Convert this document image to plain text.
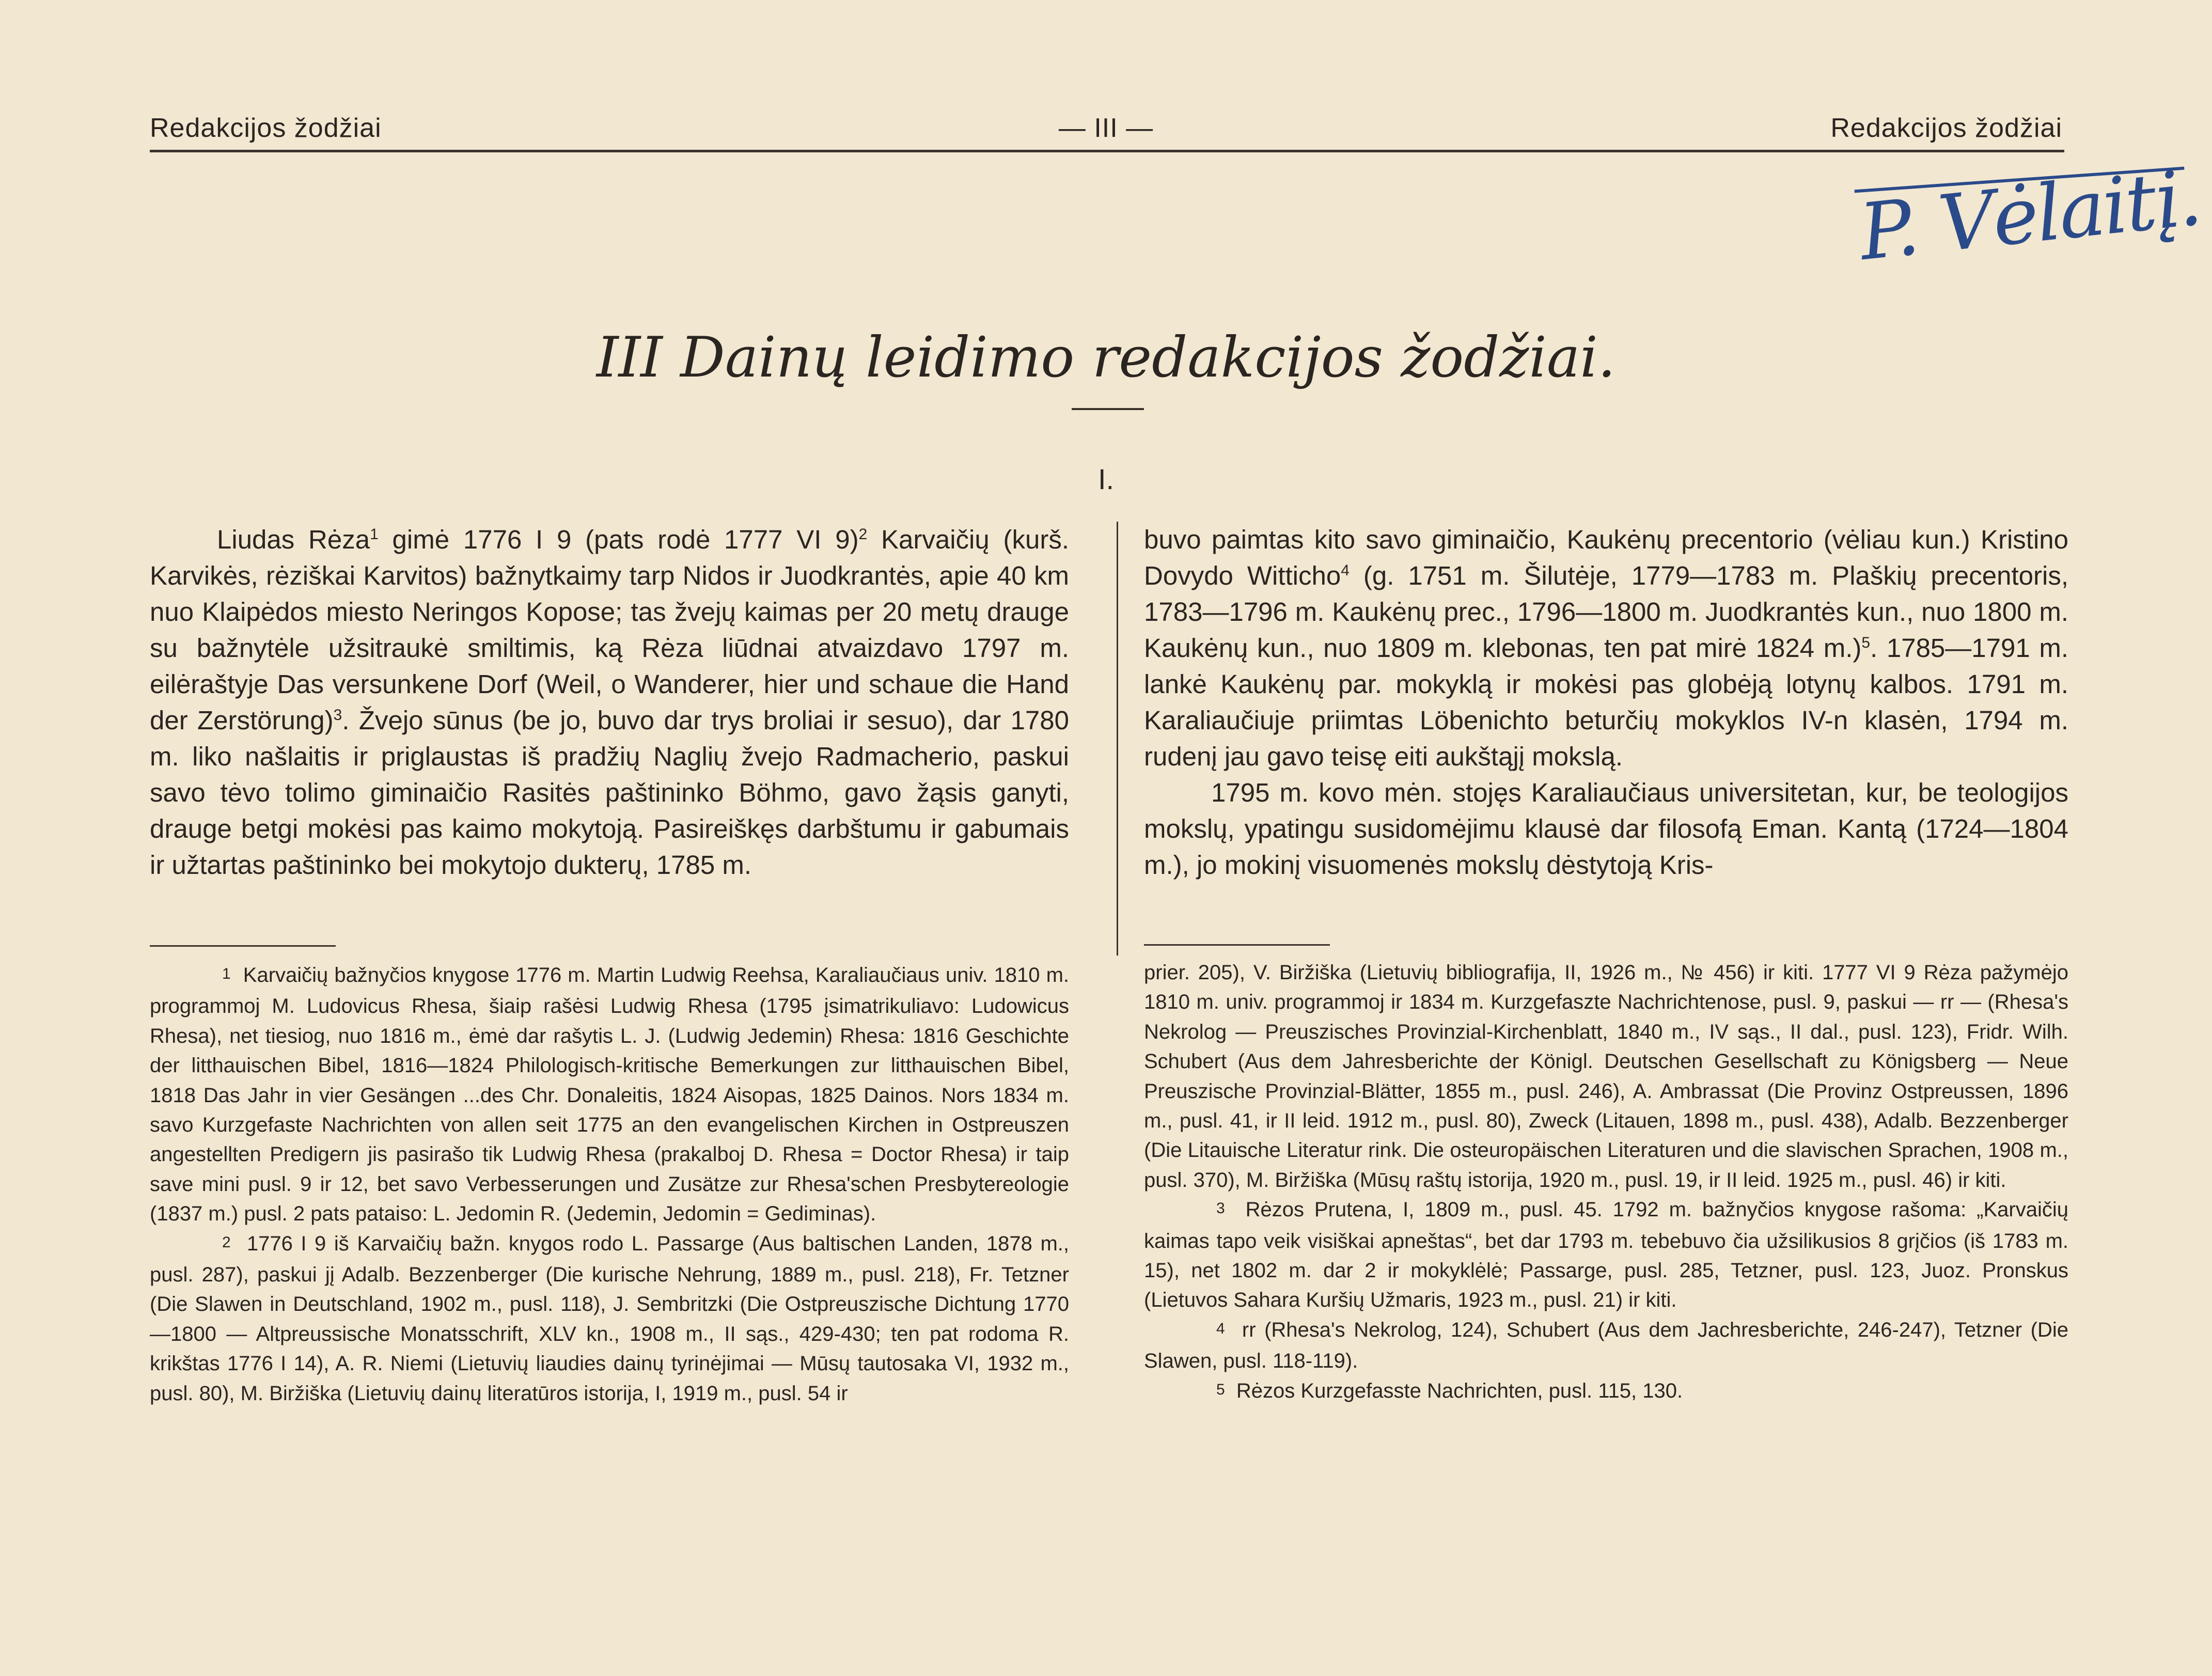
Redakcijos žodžiai	— III —	Redakcijos žodžiai
P. Vėlaitį.
III Dainų leidimo redakcijos žodžiai.
I.

Liudas Rėza$^1$ gimė 1776 I 9 (pats rodė 1777 VI 9)$^2$ Karvaičių (kurš. Karvikės, rėziškai Karvitos) bažnytkaimy tarp Nidos ir Juodkrantės, apie 40 km nuo Klaipėdos miesto Neringos Kopose; tas žvejų kaimas per 20 metų drauge su bažnytėle užsitraukė smiltimis, ką Rėza liūdnai atvaizdavo 1797 m. eilėraštyje Das versunkene Dorf (Weil, o Wanderer, hier und schaue die Hand der Zerstörung)$^3$. Žvejo sūnus (be jo, buvo dar trys broliai ir sesuo), dar 1780 m. liko našlaitis ir priglaustas iš pradžių Naglių žvejo Radmacherio, paskui savo tėvo tolimo giminaičio Rasitės paštininko Böhmo, gavo žąsis ganyti, drauge betgi mokėsi pas kaimo mokytoją. Pasireiškęs darbštumu ir gabumais ir užtartas paštininko bei mokytojo dukterų, 1785 m.

buvo paimtas kito savo giminaičio, Kaukėnų precentorio (vėliau kun.) Kristino Dovydo Witticho$^4$ (g. 1751 m. Šilutėje, 1779—1783 m. Plaškių precentoris, 1783—1796 m. Kaukėnų prec., 1796—1800 m. Juodkrantės kun., nuo 1800 m. Kaukėnų kun., nuo 1809 m. klebonas, ten pat mirė 1824 m.)$^5$. 1785—1791 m. lankė Kaukėnų par. mokyklą ir mokėsi pas globėją lotynų kalbos. 1791 m. Karaliaučiuje priimtas Löbenichto beturčių mokyklos IV-n klasėn, 1794 m. rudenį jau gavo teisę eiti aukštąjį mokslą.

1795 m. kovo mėn. stojęs Karaliaučiaus universitetan, kur, be teologijos mokslų, ypatingu susidomėjimu klausė dar filosofą Eman. Kantą (1724—1804 m.), jo mokinį visuomenės mokslų dėstytoją Kris-

1 Karvaičių bažnyčios knygose 1776 m. Martin Ludwig Reehsa, Karaliaučiaus univ. 1810 m. programmoj M. Ludovicus Rhesa, šiaip rašėsi Ludwig Rhesa (1795 įsimatrikuliavo: Ludowicus Rhesa), net tiesiog, nuo 1816 m., ėmė dar rašytis L. J. (Ludwig Jedemin) Rhesa: 1816 Geschichte der litthauischen Bibel, 1816—1824 Philologisch-kritische Bemerkungen zur litthauischen Bibel, 1818 Das Jahr in vier Gesängen ...des Chr. Donaleitis, 1824 Aisopas, 1825 Dainos. Nors 1834 m. savo Kurzgefaste Nachrichten von allen seit 1775 an den evangelischen Kirchen in Ostpreuszen angestellten Predigern jis pasirašo tik Ludwig Rhesa (prakalboj D. Rhesa = Doctor Rhesa) ir taip save mini pusl. 9 ir 12, bet savo Verbesserungen und Zusätze zur Rhesa'schen Presbytereologie (1837 m.) pusl. 2 pats pataiso: L. Jedomin R. (Jedemin, Jedomin = Gediminas).

2 1776 I 9 iš Karvaičių bažn. knygos rodo L. Passarge (Aus baltischen Landen, 1878 m., pusl. 287), paskui jį Adalb. Bezzenberger (Die kurische Nehrung, 1889 m., pusl. 218), Fr. Tetzner (Die Slawen in Deutschland, 1902 m., pusl. 118), J. Sembritzki (Die Ostpreuszische Dichtung 1770—1800 — Altpreussische Monatsschrift, XLV kn., 1908 m., II sąs., 429-430; ten pat rodoma R. krikštas 1776 I 14), A. R. Niemi (Lietuvių liaudies dainų tyrinėjimai — Mūsų tautosaka VI, 1932 m., pusl. 80), M. Biržiška (Lietuvių dainų literatūros istorija, I, 1919 m., pusl. 54 ir

prier. 205), V. Biržiška (Lietuvių bibliografija, II, 1926 m., № 456) ir kiti. 1777 VI 9 Rėza pažymėjo 1810 m. univ. programmoj ir 1834 m. Kurzgefaszte Nachrichtenose, pusl. 9, paskui — rr — (Rhesa's Nekrolog — Preuszisches Provinzial-Kirchenblatt, 1840 m., IV sąs., II dal., pusl. 123), Fridr. Wilh. Schubert (Aus dem Jahresberichte der Königl. Deutschen Gesellschaft zu Königsberg — Neue Preuszische Provinzial-Blätter, 1855 m., pusl. 246), A. Ambrassat (Die Provinz Ostpreussen, 1896 m., pusl. 41, ir II leid. 1912 m., pusl. 80), Zweck (Litauen, 1898 m., pusl. 438), Adalb. Bezzenberger (Die Litauische Literatur rink. Die osteuropäischen Literaturen und die slavischen Sprachen, 1908 m., pusl. 370), M. Biržiška (Mūsų raštų istorija, 1920 m., pusl. 19, ir II leid. 1925 m., pusl. 46) ir kiti.

3 Rėzos Prutena, I, 1809 m., pusl. 45. 1792 m. bažnyčios knygose rašoma: „Karvaičių kaimas tapo veik visiškai apneštas“, bet dar 1793 m. tebebuvo čia užsilikusios 8 grįčios (iš 1783 m. 15), net 1802 m. dar 2 ir mokyklėlė; Passarge, pusl. 285, Tetzner, pusl. 123, Juoz. Pronskus (Lietuvos Sahara Kuršių Užmaris, 1923 m., pusl. 21) ir kiti.

4 rr (Rhesa's Nekrolog, 124), Schubert (Aus dem Jachresberichte, 246-247), Tetzner (Die Slawen, pusl. 118-119).

5 Rėzos Kurzgefasste Nachrichten, pusl. 115, 130.
